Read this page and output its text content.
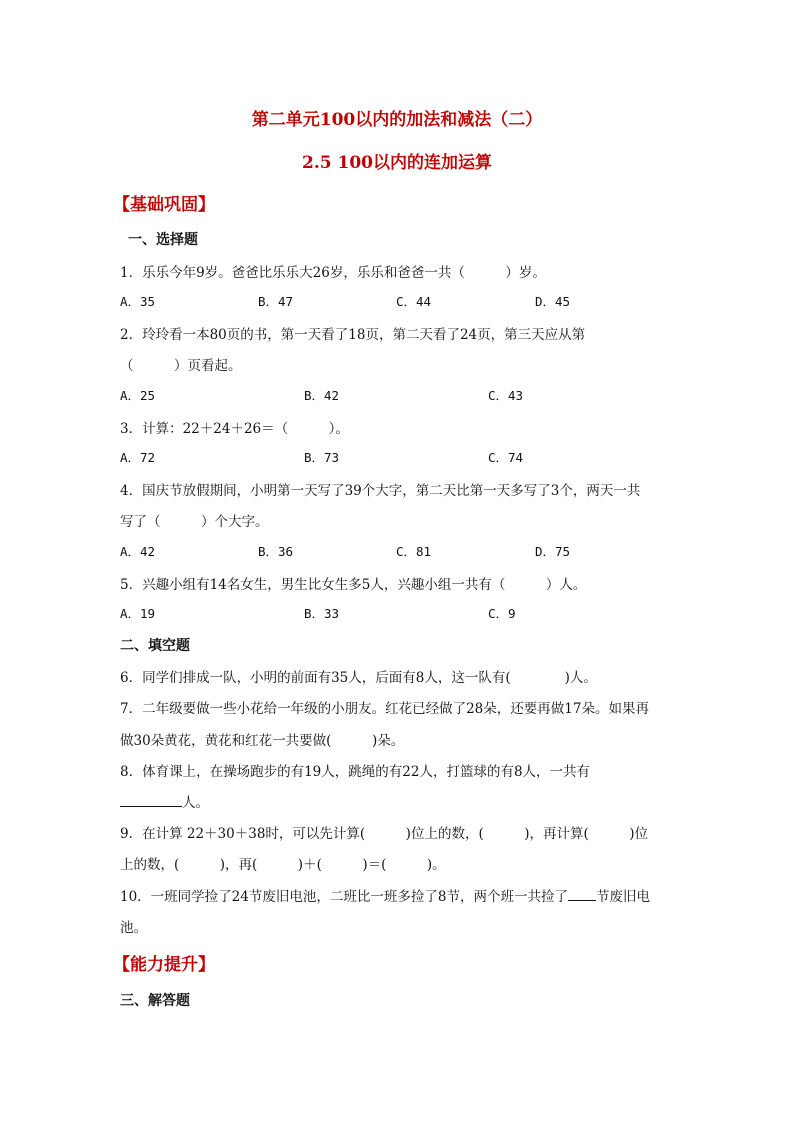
第二单元100以内的加法和减法（二）
2.5 100以内的连加运算
【基础巩固】
一、选择题
1．乐乐今年9岁。爸爸比乐乐大26岁，乐乐和爸爸一共（　　　）岁。
A．35	B．47	C．44	D．45
2．玲玲看一本80页的书，第一天看了18页，第二天看了24页，第三天应从第
（　　　）页看起。
A．25	B．42	C．43
3．计算：22＋24＋26＝（　　　）。
A．72	B．73	C．74
4．国庆节放假期间，小明第一天写了39个大字，第二天比第一天多写了3个，两天一共
写了（　　　）个大字。
A．42	B．36	C．81	D．75
5．兴趣小组有14名女生，男生比女生多5人，兴趣小组一共有（　　　）人。
A．19	B．33	C．9
二、填空题
6．同学们排成一队，小明的前面有35人，后面有8人，这一队有(　　　　)人。
7．二年级要做一些小花给一年级的小朋友。红花已经做了28朵，还要再做17朵。如果再
做30朵黄花，黄花和红花一共要做(　　　)朵。
8．体育课上，在操场跑步的有19人，跳绳的有22人，打篮球的有8人，一共有
人。
9．在计算 22＋30＋38时，可以先计算(　　　)位上的数，(　　　)，再计算(　　　)位
上的数，(　　　)，再(　　　)＋(　　　)＝(　　　)。
10．一班同学捡了24节废旧电池，二班比一班多捡了8节，两个班一共捡了 节废旧电
池。
【能力提升】
三、解答题
